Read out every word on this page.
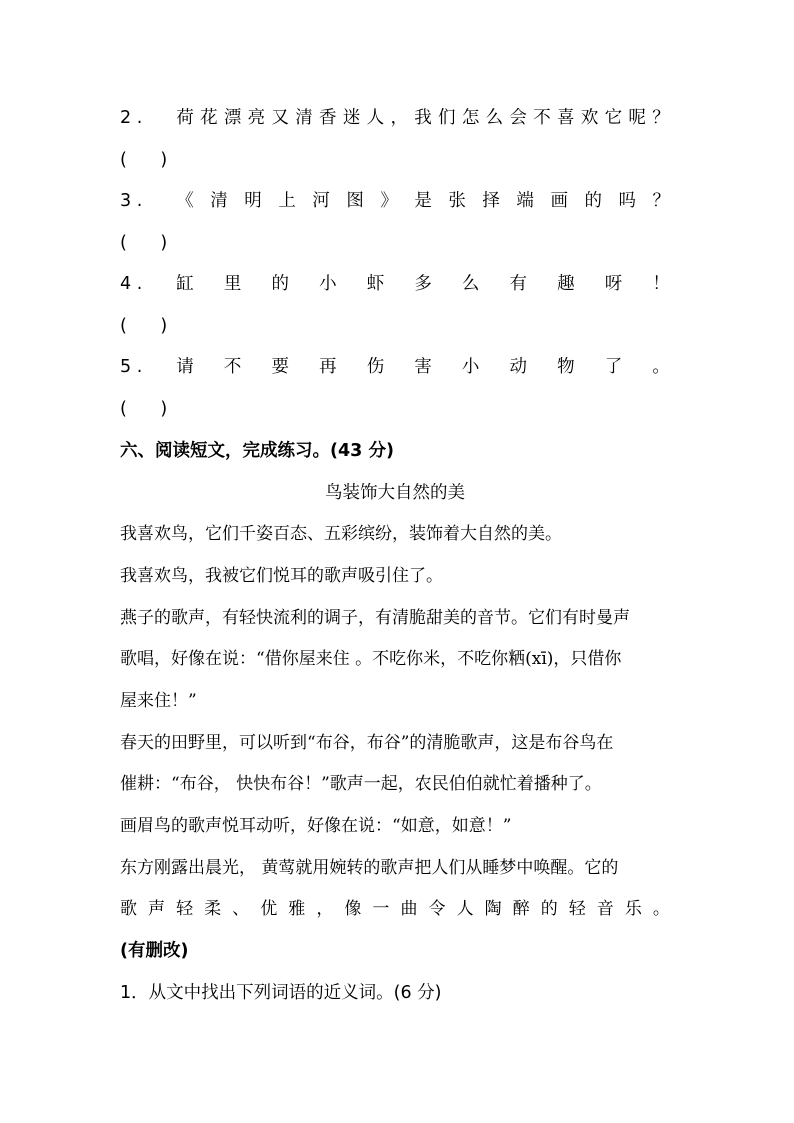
2 . 荷 花 漂 亮 又 清 香 迷 人 ， 我 们 怎 么 会 不 喜 欢 它 呢 ？
( )
3 . 《 清 明 上 河 图 》 是 张 择 端 画 的 吗 ？
( )
4 . 缸 里 的 小 虾 多 么 有 趣 呀 ！
( )
5 . 请 不 要 再 伤 害 小 动 物 了 。
( )
六、阅读短文，完成练习。(43 分)
鸟装饰大自然的美
我喜欢鸟，它们千姿百态、五彩缤纷，装饰着大自然的美。
我喜欢鸟，我被它们悦耳的歌声吸引住了。
燕子的歌声，有轻快流利的调子，有清脆甜美的音节。它们有时曼声
歌唱，好像在说：“借你屋来住 。不吃你米，不吃你粞(xī)，只借你
屋来住！”
春天的田野里，可以听到“布谷，布谷”的清脆歌声，这是布谷鸟在
催耕：“布谷， 快快布谷！”歌声一起，农民伯伯就忙着播种了。
画眉鸟的歌声悦耳动听，好像在说：“如意，如意！”
东方刚露出晨光， 黄莺就用婉转的歌声把人们从睡梦中唤醒。它的
歌 声 轻 柔 、 优 雅 ， 像 一 曲 令 人 陶 醉 的 轻 音 乐 。
(有删改)
1．从文中找出下列词语的近义词。(6 分)
